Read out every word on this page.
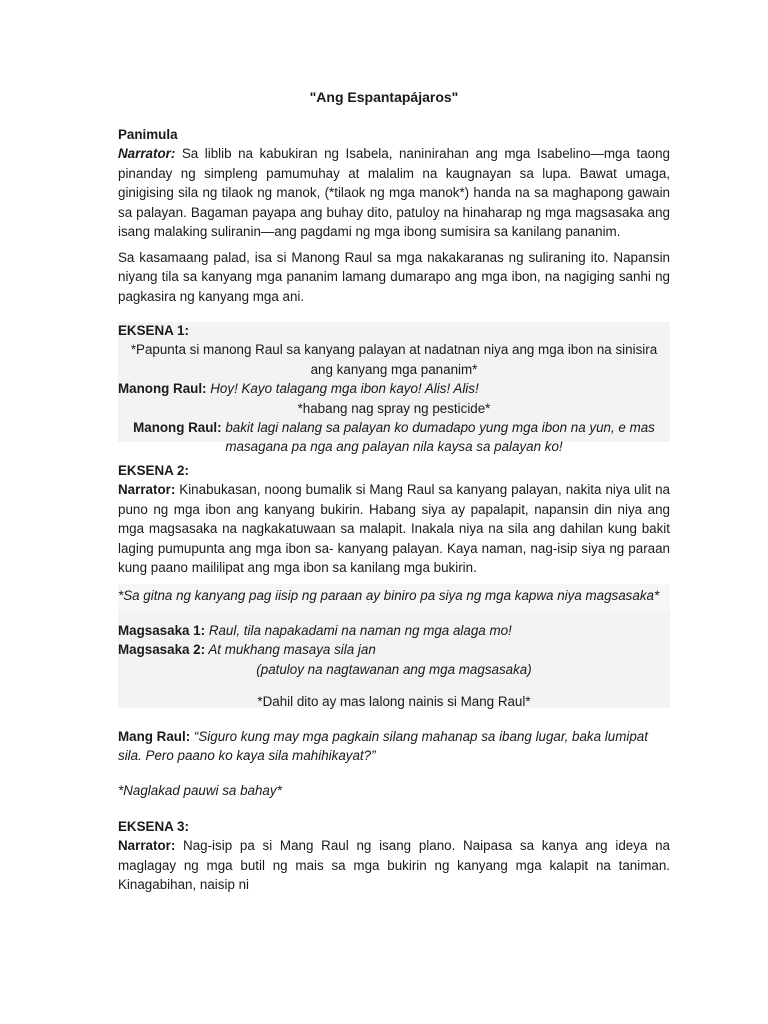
"Ang Espantapájaros"

Panimula

Narrator: Sa liblib na kabukiran ng Isabela, naninirahan ang mga Isabelino—mga taong pinanday ng simpleng pamumuhay at malalim na kaugnayan sa lupa. Bawat umaga, ginigising sila ng tilaok ng manok, (*tilaok ng mga manok*) handa na sa maghapong gawain sa palayan. Bagaman payapa ang buhay dito, patuloy na hinaharap ng mga magsasaka ang isang malaking suliranin—ang pagdami ng mga ibong sumisira sa kanilang pananim.

Sa kasamaang palad, isa si Manong Raul sa mga nakakaranas ng suliraning ito. Napansin niyang tila sa kanyang mga pananim lamang dumarapo ang mga ibon, na nagiging sanhi ng pagkasira ng kanyang mga ani.

EKSENA 1:

*Papunta si manong Raul sa kanyang palayan at nadatnan niya ang mga ibon na sinisira ang kanyang mga pananim*

Manong Raul: Hoy! Kayo talagang mga ibon kayo! Alis! Alis!

*habang nag spray ng pesticide*

Manong Raul: bakit lagi nalang sa palayan ko dumadapo yung mga ibon na yun, e mas masagana pa nga ang palayan nila kaysa sa palayan ko!

EKSENA 2:

Narrator: Kinabukasan, noong bumalik si Mang Raul sa kanyang palayan, nakita niya ulit na puno ng mga ibon ang kanyang bukirin. Habang siya ay papalapit, napansin din niya ang mga magsasaka na nagkakatuwaan sa malapit. Inakala niya na sila ang dahilan kung bakit laging pumupunta ang mga ibon sa- kanyang palayan. Kaya naman, nag-isip siya ng paraan kung paano maililipat ang mga ibon sa kanilang mga bukirin.

*Sa gitna ng kanyang pag iisip ng paraan ay biniro pa siya ng mga kapwa niya magsasaka*

Magsasaka 1: Raul, tila napakadami na naman ng mga alaga mo!

Magsasaka 2: At mukhang masaya sila jan

(patuloy na nagtawanan ang mga magsasaka)

*Dahil dito ay mas lalong nainis si Mang Raul*
Mang Raul: “Siguro kung may mga pagkain silang mahanap sa ibang lugar, baka lumipat sila. Pero paano ko kaya sila mahihikayat?”
*Naglakad pauwi sa bahay*

EKSENA 3:

Narrator: Nag-isip pa si Mang Raul ng isang plano. Naipasa sa kanya ang ideya na maglagay ng mga butil ng mais sa mga bukirin ng kanyang mga kalapit na taniman. Kinagabihan, naisip ni
